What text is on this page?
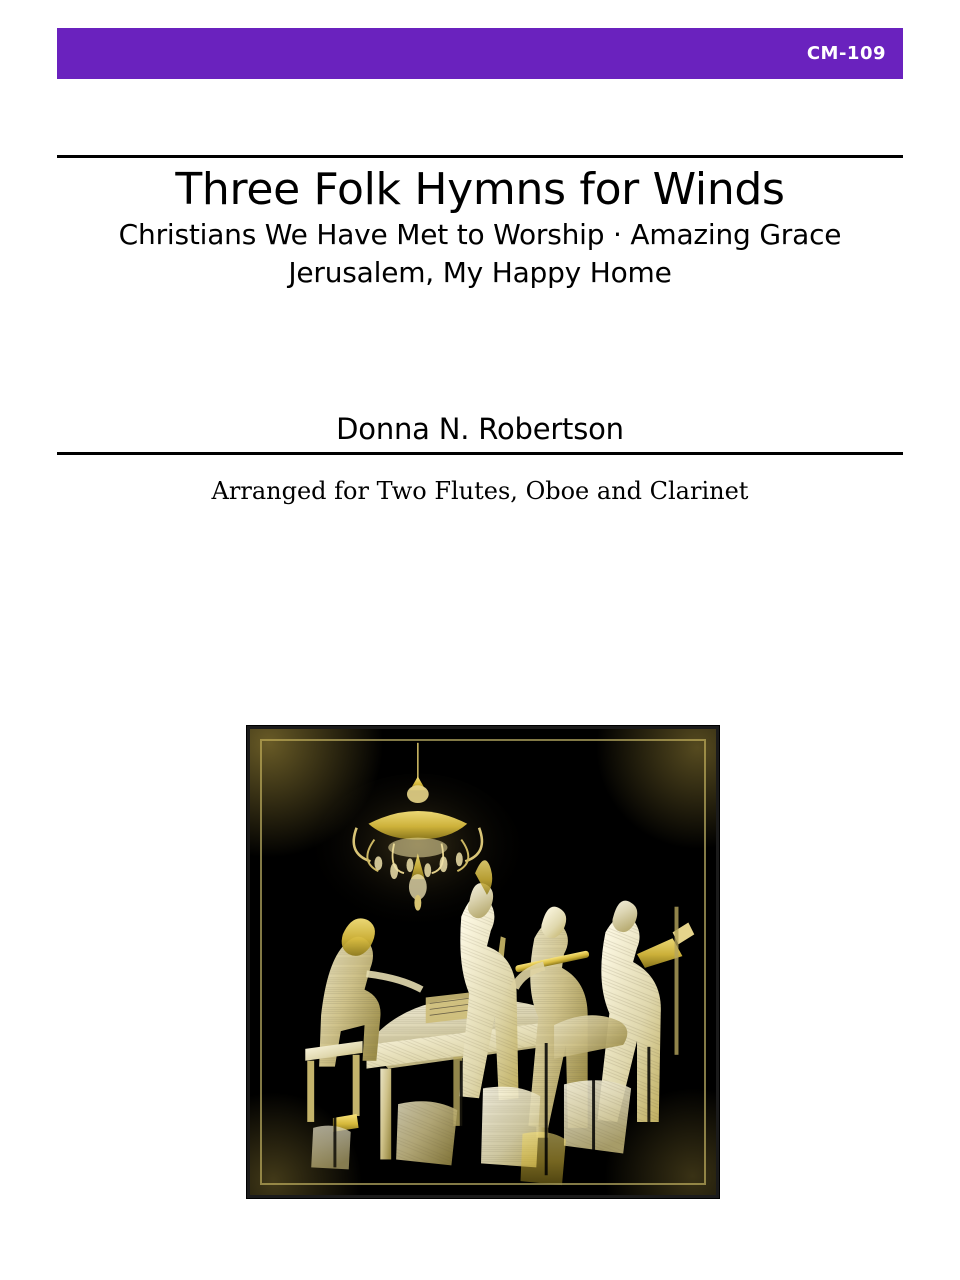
CM-109
Three Folk Hymns for Winds
Christians We Have Met to Worship · Amazing Grace
Jerusalem, My Happy Home
Donna N. Robertson
Arranged for Two Flutes, Oboe and Clarinet
